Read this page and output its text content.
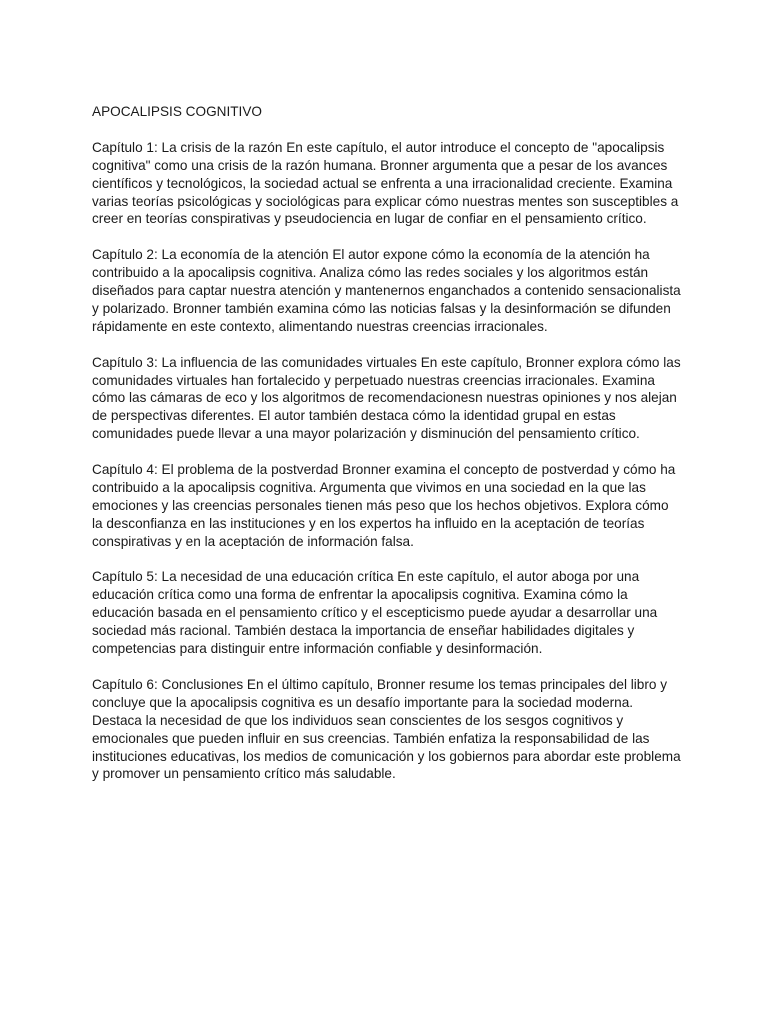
APOCALIPSIS COGNITIVO

Capítulo 1: La crisis de la razón En este capítulo, el autor introduce el concepto de "apocalipsis cognitiva" como una crisis de la razón humana. Bronner argumenta que a pesar de los avances científicos y tecnológicos, la sociedad actual se enfrenta a una irracionalidad creciente. Examina varias teorías psicológicas y sociológicas para explicar cómo nuestras mentes son susceptibles a creer en teorías conspirativas y pseudociencia en lugar de confiar en el pensamiento crítico.

Capítulo 2: La economía de la atención El autor expone cómo la economía de la atención ha contribuido a la apocalipsis cognitiva. Analiza cómo las redes sociales y los algoritmos están diseñados para captar nuestra atención y mantenernos enganchados a contenido sensacionalista y polarizado. Bronner también examina cómo las noticias falsas y la desinformación se difunden rápidamente en este contexto, alimentando nuestras creencias irracionales.

Capítulo 3: La influencia de las comunidades virtuales En este capítulo, Bronner explora cómo las comunidades virtuales han fortalecido y perpetuado nuestras creencias irracionales. Examina cómo las cámaras de eco y los algoritmos de recomendacionesn nuestras opiniones y nos alejan de perspectivas diferentes. El autor también destaca cómo la identidad grupal en estas comunidades puede llevar a una mayor polarización y disminución del pensamiento crítico.

Capítulo 4: El problema de la postverdad Bronner examina el concepto de postverdad y cómo ha contribuido a la apocalipsis cognitiva. Argumenta que vivimos en una sociedad en la que las emociones y las creencias personales tienen más peso que los hechos objetivos. Explora cómo la desconfianza en las instituciones y en los expertos ha influido en la aceptación de teorías conspirativas y en la aceptación de información falsa.

Capítulo 5: La necesidad de una educación crítica En este capítulo, el autor aboga por una educación crítica como una forma de enfrentar la apocalipsis cognitiva. Examina cómo la educación basada en el pensamiento crítico y el escepticismo puede ayudar a desarrollar una sociedad más racional. También destaca la importancia de enseñar habilidades digitales y competencias para distinguir entre información confiable y desinformación.

Capítulo 6: Conclusiones En el último capítulo, Bronner resume los temas principales del libro y concluye que la apocalipsis cognitiva es un desafío importante para la sociedad moderna. Destaca la necesidad de que los individuos sean conscientes de los sesgos cognitivos y emocionales que pueden influir en sus creencias. También enfatiza la responsabilidad de las instituciones educativas, los medios de comunicación y los gobiernos para abordar este problema y promover un pensamiento crítico más saludable.
